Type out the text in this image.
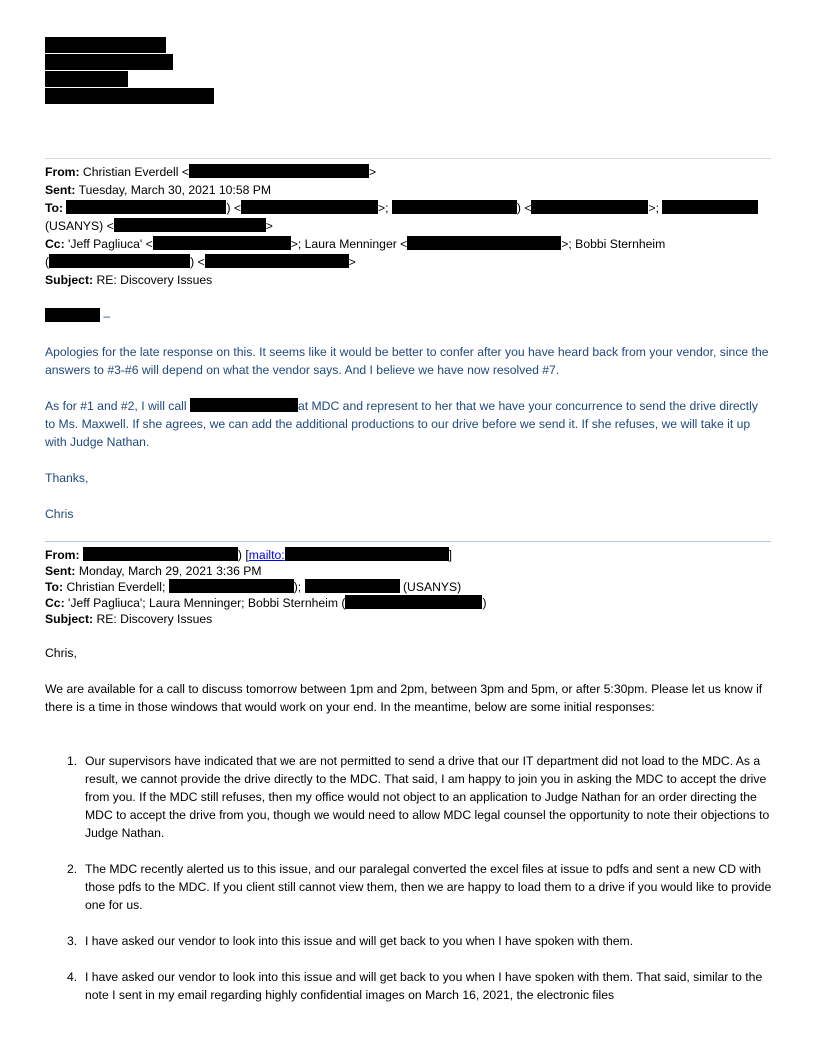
From: Christian Everdell <	>
Sent: Tuesday, March 30, 2021 10:58 PM
To:	) <	>;	) <	>;
(USANYS) <	>
Cc: 'Jeff Pagliuca' <	>; Laura Menninger <	>; Bobbi Sternheim
(	) <	>
Subject: RE: Discovery Issues
–
Apologies for the late response on this. It seems like it would be better to confer after you have heard back from your vendor, since the answers to #3-#6 will depend on what the vendor says. And I believe we have now resolved #7.
As for #1 and #2, I will call	at MDC and represent to her that we have your concurrence to send the drive directly to Ms. Maxwell. If she agrees, we can add the additional productions to our drive before we send it. If she refuses, we will take it up with Judge Nathan.
Thanks,
Chris
From:	) [mailto:	]
Sent: Monday, March 29, 2021 3:36 PM
To: Christian Everdell;	);	(USANYS)
Cc: 'Jeff Pagliuca'; Laura Menninger; Bobbi Sternheim (	)
Subject: RE: Discovery Issues
Chris,
We are available for a call to discuss tomorrow between 1pm and 2pm, between 3pm and 5pm, or after 5:30pm. Please let us know if there is a time in those windows that would work on your end. In the meantime, below are some initial responses:
1. Our supervisors have indicated that we are not permitted to send a drive that our IT department did not load to the MDC. As a result, we cannot provide the drive directly to the MDC. That said, I am happy to join you in asking the MDC to accept the drive from you. If the MDC still refuses, then my office would not object to an application to Judge Nathan for an order directing the MDC to accept the drive from you, though we would need to allow MDC legal counsel the opportunity to note their objections to Judge Nathan.
2. The MDC recently alerted us to this issue, and our paralegal converted the excel files at issue to pdfs and sent a new CD with those pdfs to the MDC. If you client still cannot view them, then we are happy to load them to a drive if you would like to provide one for us.
3. I have asked our vendor to look into this issue and will get back to you when I have spoken with them.
4. I have asked our vendor to look into this issue and will get back to you when I have spoken with them. That said, similar to the note I sent in my email regarding highly confidential images on March 16, 2021, the electronic files
